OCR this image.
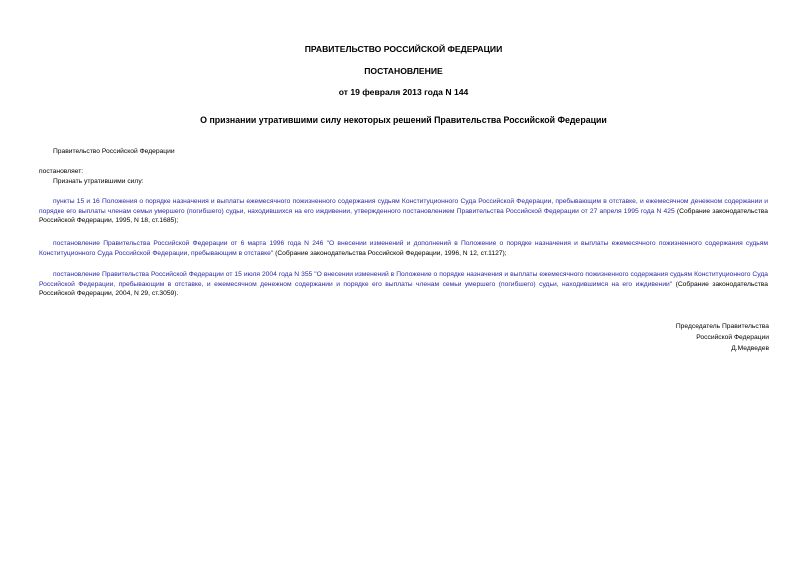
ПРАВИТЕЛЬСТВО РОССИЙСКОЙ ФЕДЕРАЦИИ
ПОСТАНОВЛЕНИЕ
от 19 февраля 2013 года N 144
О признании утратившими силу некоторых решений Правительства Российской Федерации
Правительство Российской Федерации
постановляет:
Признать утратившими силу:
пункты 15 и 16 Положения о порядке назначения и выплаты ежемесячного пожизненного содержания судьям Конституционного Суда Российской Федерации, пребывающим в отставке, и ежемесячном денежном содержании и порядке его выплаты членам семьи умершего (погибшего) судьи, находившихся на его иждивении, утвержденного постановлением Правительства Российской Федерации от 27 апреля 1995 года N 425 (Собрание законодательства Российской Федерации, 1995, N 18, ст.1685);
постановление Правительства Российской Федерации от 6 марта 1996 года N 246 "О внесении изменений и дополнений в Положение о порядке назначения и выплаты ежемесячного пожизненного содержания судьям Конституционного Суда Российской Федерации, пребывающим в отставке" (Собрание законодательства Российской Федерации, 1996, N 12, ст.1127);
постановление Правительства Российской Федерации от 15 июля 2004 года N 355 "О внесении изменений в Положение о порядке назначения и выплаты ежемесячного пожизненного содержания судьям Конституционного Суда Российской Федерации, пребывающим в отставке, и ежемесячном денежном содержании и порядке его выплаты членам семьи умершего (погибшего) судьи, находившимся на его иждивении" (Собрание законодательства Российской Федерации, 2004, N 29, ст.3059).
Председатель Правительства
Российской Федерации
Д.Медведев
